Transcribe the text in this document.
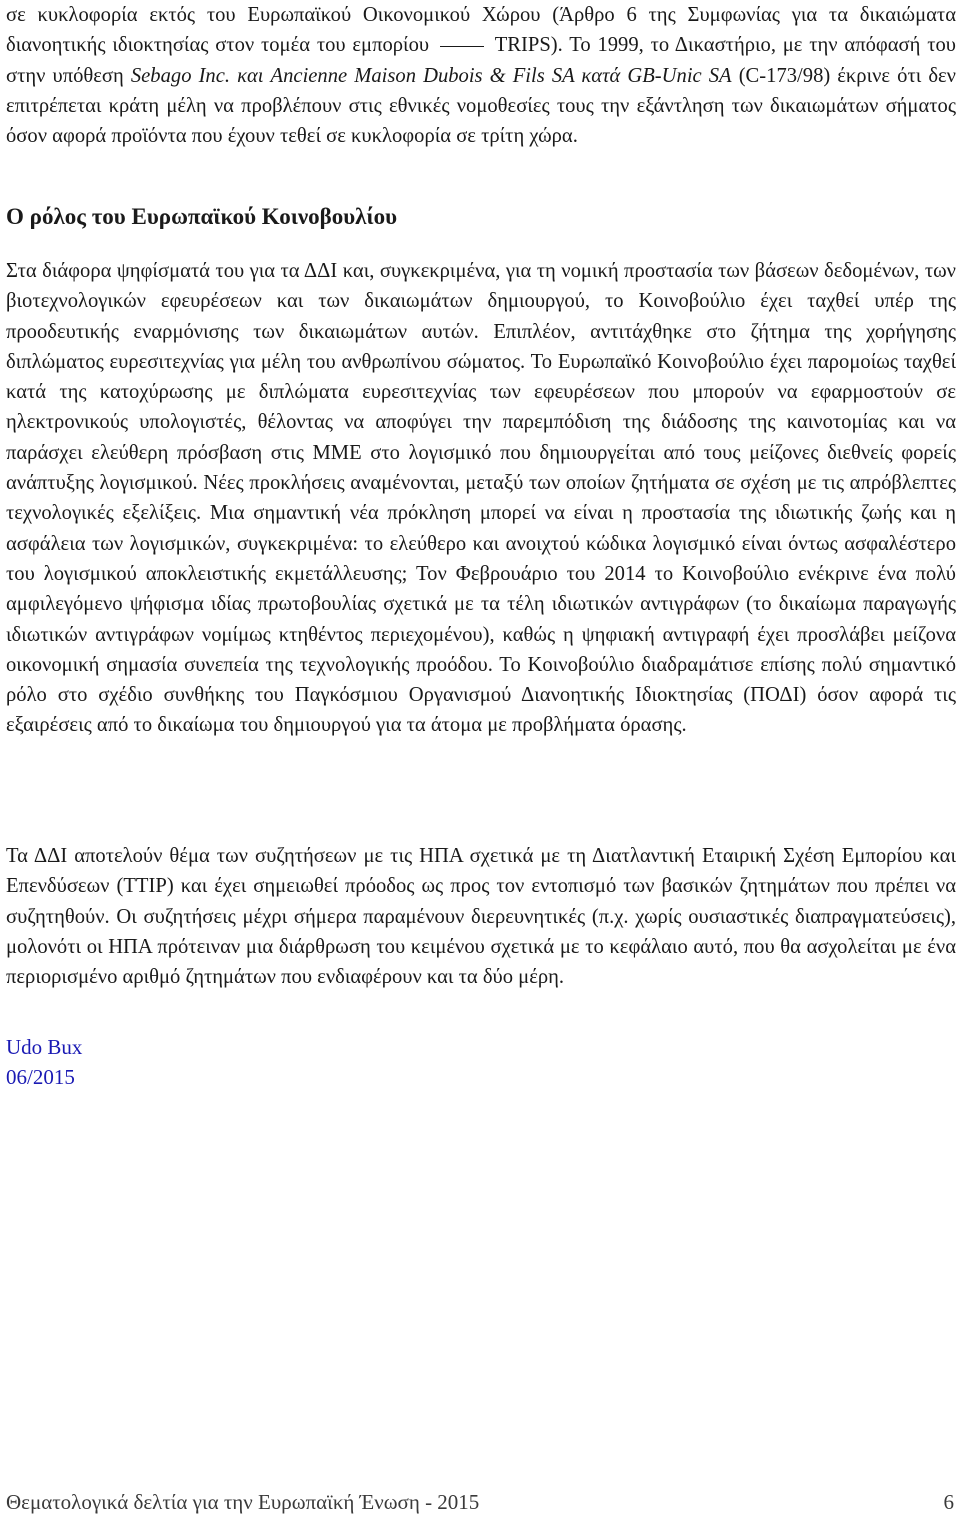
σε κυκλοφορία εκτός του Ευρωπαϊκού Οικονομικού Χώρου (Άρθρο 6 της Συμφωνίας για τα δικαιώματα διανοητικής ιδιοκτησίας στον τομέα του εμπορίου	TRIPS). Το 1999, το Δικαστήριο, με την απόφασή του στην υπόθεση Sebago Inc. και Ancienne Maison Dubois & Fils SA κατά GB-Unic SA (C-173/98) έκρινε ότι δεν επιτρέπεται κράτη μέλη να προβλέπουν στις εθνικές νομοθεσίες τους την εξάντληση των δικαιωμάτων σήματος όσον αφορά προϊόντα που έχουν τεθεί σε κυκλοφορία σε τρίτη χώρα.

Ο ρόλος του Ευρωπαϊκού Κοινοβουλίου

Στα διάφορα ψηφίσματά του για τα ΔΔΙ και, συγκεκριμένα, για τη νομική προστασία των βάσεων δεδομένων, των βιοτεχνολογικών εφευρέσεων και των δικαιωμάτων δημιουργού, το Κοινοβούλιο έχει ταχθεί υπέρ της προοδευτικής εναρμόνισης των δικαιωμάτων αυτών. Επιπλέον, αντιτάχθηκε στο ζήτημα της χορήγησης διπλώματος ευρεσιτεχνίας για μέλη του ανθρωπίνου σώματος. Το Ευρωπαϊκό Κοινοβούλιο έχει παρομοίως ταχθεί κατά της κατοχύρωσης με διπλώματα ευρεσιτεχνίας των εφευρέσεων που μπορούν να εφαρμοστούν σε ηλεκτρονικούς υπολογιστές, θέλοντας να αποφύγει την παρεμπόδιση της διάδοσης της καινοτομίας και να παράσχει ελεύθερη πρόσβαση στις ΜΜΕ στο λογισμικό που δημιουργείται από τους μείζονες διεθνείς φορείς ανάπτυξης λογισμικού. Νέες προκλήσεις αναμένονται, μεταξύ των οποίων ζητήματα σε σχέση με τις απρόβλεπτες τεχνολογικές εξελίξεις. Μια σημαντική νέα πρόκληση μπορεί να είναι η προστασία της ιδιωτικής ζωής και η ασφάλεια των λογισμικών, συγκεκριμένα: το ελεύθερο και ανοιχτού κώδικα λογισμικό είναι όντως ασφαλέστερο του λογισμικού αποκλειστικής εκμετάλλευσης; Τον Φεβρουάριο του 2014 το Κοινοβούλιο ενέκρινε ένα πολύ αμφιλεγόμενο ψήφισμα ιδίας πρωτοβουλίας σχετικά με τα τέλη ιδιωτικών αντιγράφων (το δικαίωμα παραγωγής ιδιωτικών αντιγράφων νομίμως κτηθέντος περιεχομένου), καθώς η ψηφιακή αντιγραφή έχει προσλάβει μείζονα οικονομική σημασία συνεπεία της τεχνολογικής προόδου. Το Κοινοβούλιο διαδραμάτισε επίσης πολύ σημαντικό ρόλο στο σχέδιο συνθήκης του Παγκόσμιου Οργανισμού Διανοητικής Ιδιοκτησίας (ΠΟΔΙ) όσον αφορά τις εξαιρέσεις από το δικαίωμα του δημιουργού για τα άτομα με προβλήματα όρασης.

Τα ΔΔΙ αποτελούν θέμα των συζητήσεων με τις ΗΠΑ σχετικά με τη Διατλαντική Εταιρική Σχέση Εμπορίου και Επενδύσεων (TTIP) και έχει σημειωθεί πρόοδος ως προς τον εντοπισμό των βασικών ζητημάτων που πρέπει να συζητηθούν. Οι συζητήσεις μέχρι σήμερα παραμένουν διερευνητικές (π.χ. χωρίς ουσιαστικές διαπραγματεύσεις), μολονότι οι ΗΠΑ πρότειναν μια διάρθρωση του κειμένου σχετικά με το κεφάλαιο αυτό, που θα ασχολείται με ένα περιορισμένο αριθμό ζητημάτων που ενδιαφέρουν και τα δύο μέρη.

Udo Bux
06/2015
Θεματολογικά δελτία για την Ευρωπαϊκή Ένωση - 2015	6
